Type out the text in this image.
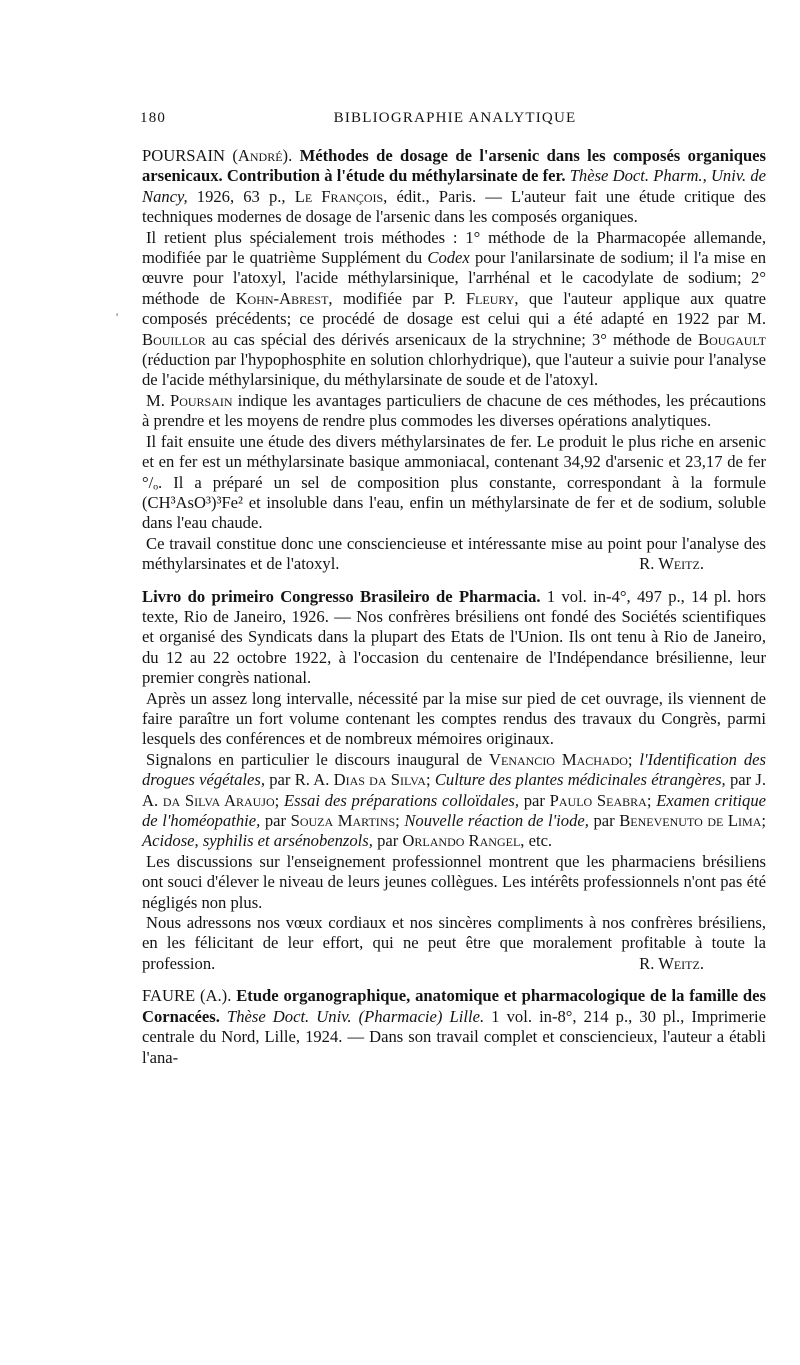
180	BIBLIOGRAPHIE ANALYTIQUE
'

POURSAIN (André). Méthodes de dosage de l'arsenic dans les composés organiques arsenicaux. Contribution à l'étude du méthylarsinate de fer. Thèse Doct. Pharm., Univ. de Nancy, 1926, 63 p., Le François, édit., Paris. — L'auteur fait une étude critique des techniques modernes de dosage de l'arsenic dans les composés organiques.

Il retient plus spécialement trois méthodes : 1° méthode de la Pharmacopée allemande, modifiée par le quatrième Supplément du Codex pour l'anilarsinate de sodium; il l'a mise en œuvre pour l'atoxyl, l'acide méthylarsinique, l'arrhénal et le cacodylate de sodium; 2° méthode de Kohn-Abrest, modifiée par P. Fleury, que l'auteur applique aux quatre composés précédents; ce procédé de dosage est celui qui a été adapté en 1922 par M. Bouillor au cas spécial des dérivés arsenicaux de la strychnine; 3° méthode de Bougault (réduction par l'hypophosphite en solution chlorhydrique), que l'auteur a suivie pour l'analyse de l'acide méthylarsinique, du méthylarsinate de soude et de l'atoxyl.

M. Poursain indique les avantages particuliers de chacune de ces méthodes, les précautions à prendre et les moyens de rendre plus commodes les diverses opérations analytiques.

Il fait ensuite une étude des divers méthylarsinates de fer. Le produit le plus riche en arsenic et en fer est un méthylarsinate basique ammoniacal, contenant 34,92 d'arsenic et 23,17 de fer °/ₒ. Il a préparé un sel de composition plus constante, correspondant à la formule (CH³AsO³)³Fe² et insoluble dans l'eau, enfin un méthylarsinate de fer et de sodium, soluble dans l'eau chaude.

Ce travail constitue donc une consciencieuse et intéressante mise au point pour l'analyse des méthylarsinates et de l'atoxyl.	R. Weitz.

Livro do primeiro Congresso Brasileiro de Pharmacia. 1 vol. in-4°, 497 p., 14 pl. hors texte, Rio de Janeiro, 1926. — Nos confrères brésiliens ont fondé des Sociétés scientifiques et organisé des Syndicats dans la plupart des Etats de l'Union. Ils ont tenu à Rio de Janeiro, du 12 au 22 octobre 1922, à l'occasion du centenaire de l'Indépendance brésilienne, leur premier congrès national.

Après un assez long intervalle, nécessité par la mise sur pied de cet ouvrage, ils viennent de faire paraître un fort volume contenant les comptes rendus des travaux du Congrès, parmi lesquels des conférences et de nombreux mémoires originaux.

Signalons en particulier le discours inaugural de Venancio Machado; l'Identification des drogues végétales, par R. A. Dias da Silva; Culture des plantes médicinales étrangères, par J. A. da Silva Araujo; Essai des préparations colloïdales, par Paulo Seabra; Examen critique de l'homéopathie, par Souza Martins; Nouvelle réaction de l'iode, par Benevenuto de Lima; Acidose, syphilis et arsénobenzols, par Orlando Rangel, etc.

Les discussions sur l'enseignement professionnel montrent que les pharmaciens brésiliens ont souci d'élever le niveau de leurs jeunes collègues. Les intérêts professionnels n'ont pas été négligés non plus.

Nous adressons nos vœux cordiaux et nos sincères compliments à nos confrères brésiliens, en les félicitant de leur effort, qui ne peut être que moralement profitable à toute la profession.	R. Weitz.

FAURE (A.). Etude organographique, anatomique et pharmacologique de la famille des Cornacées. Thèse Doct. Univ. (Pharmacie) Lille. 1 vol. in-8°, 214 p., 30 pl., Imprimerie centrale du Nord, Lille, 1924. — Dans son travail complet et consciencieux, l'auteur a établi l'ana-
